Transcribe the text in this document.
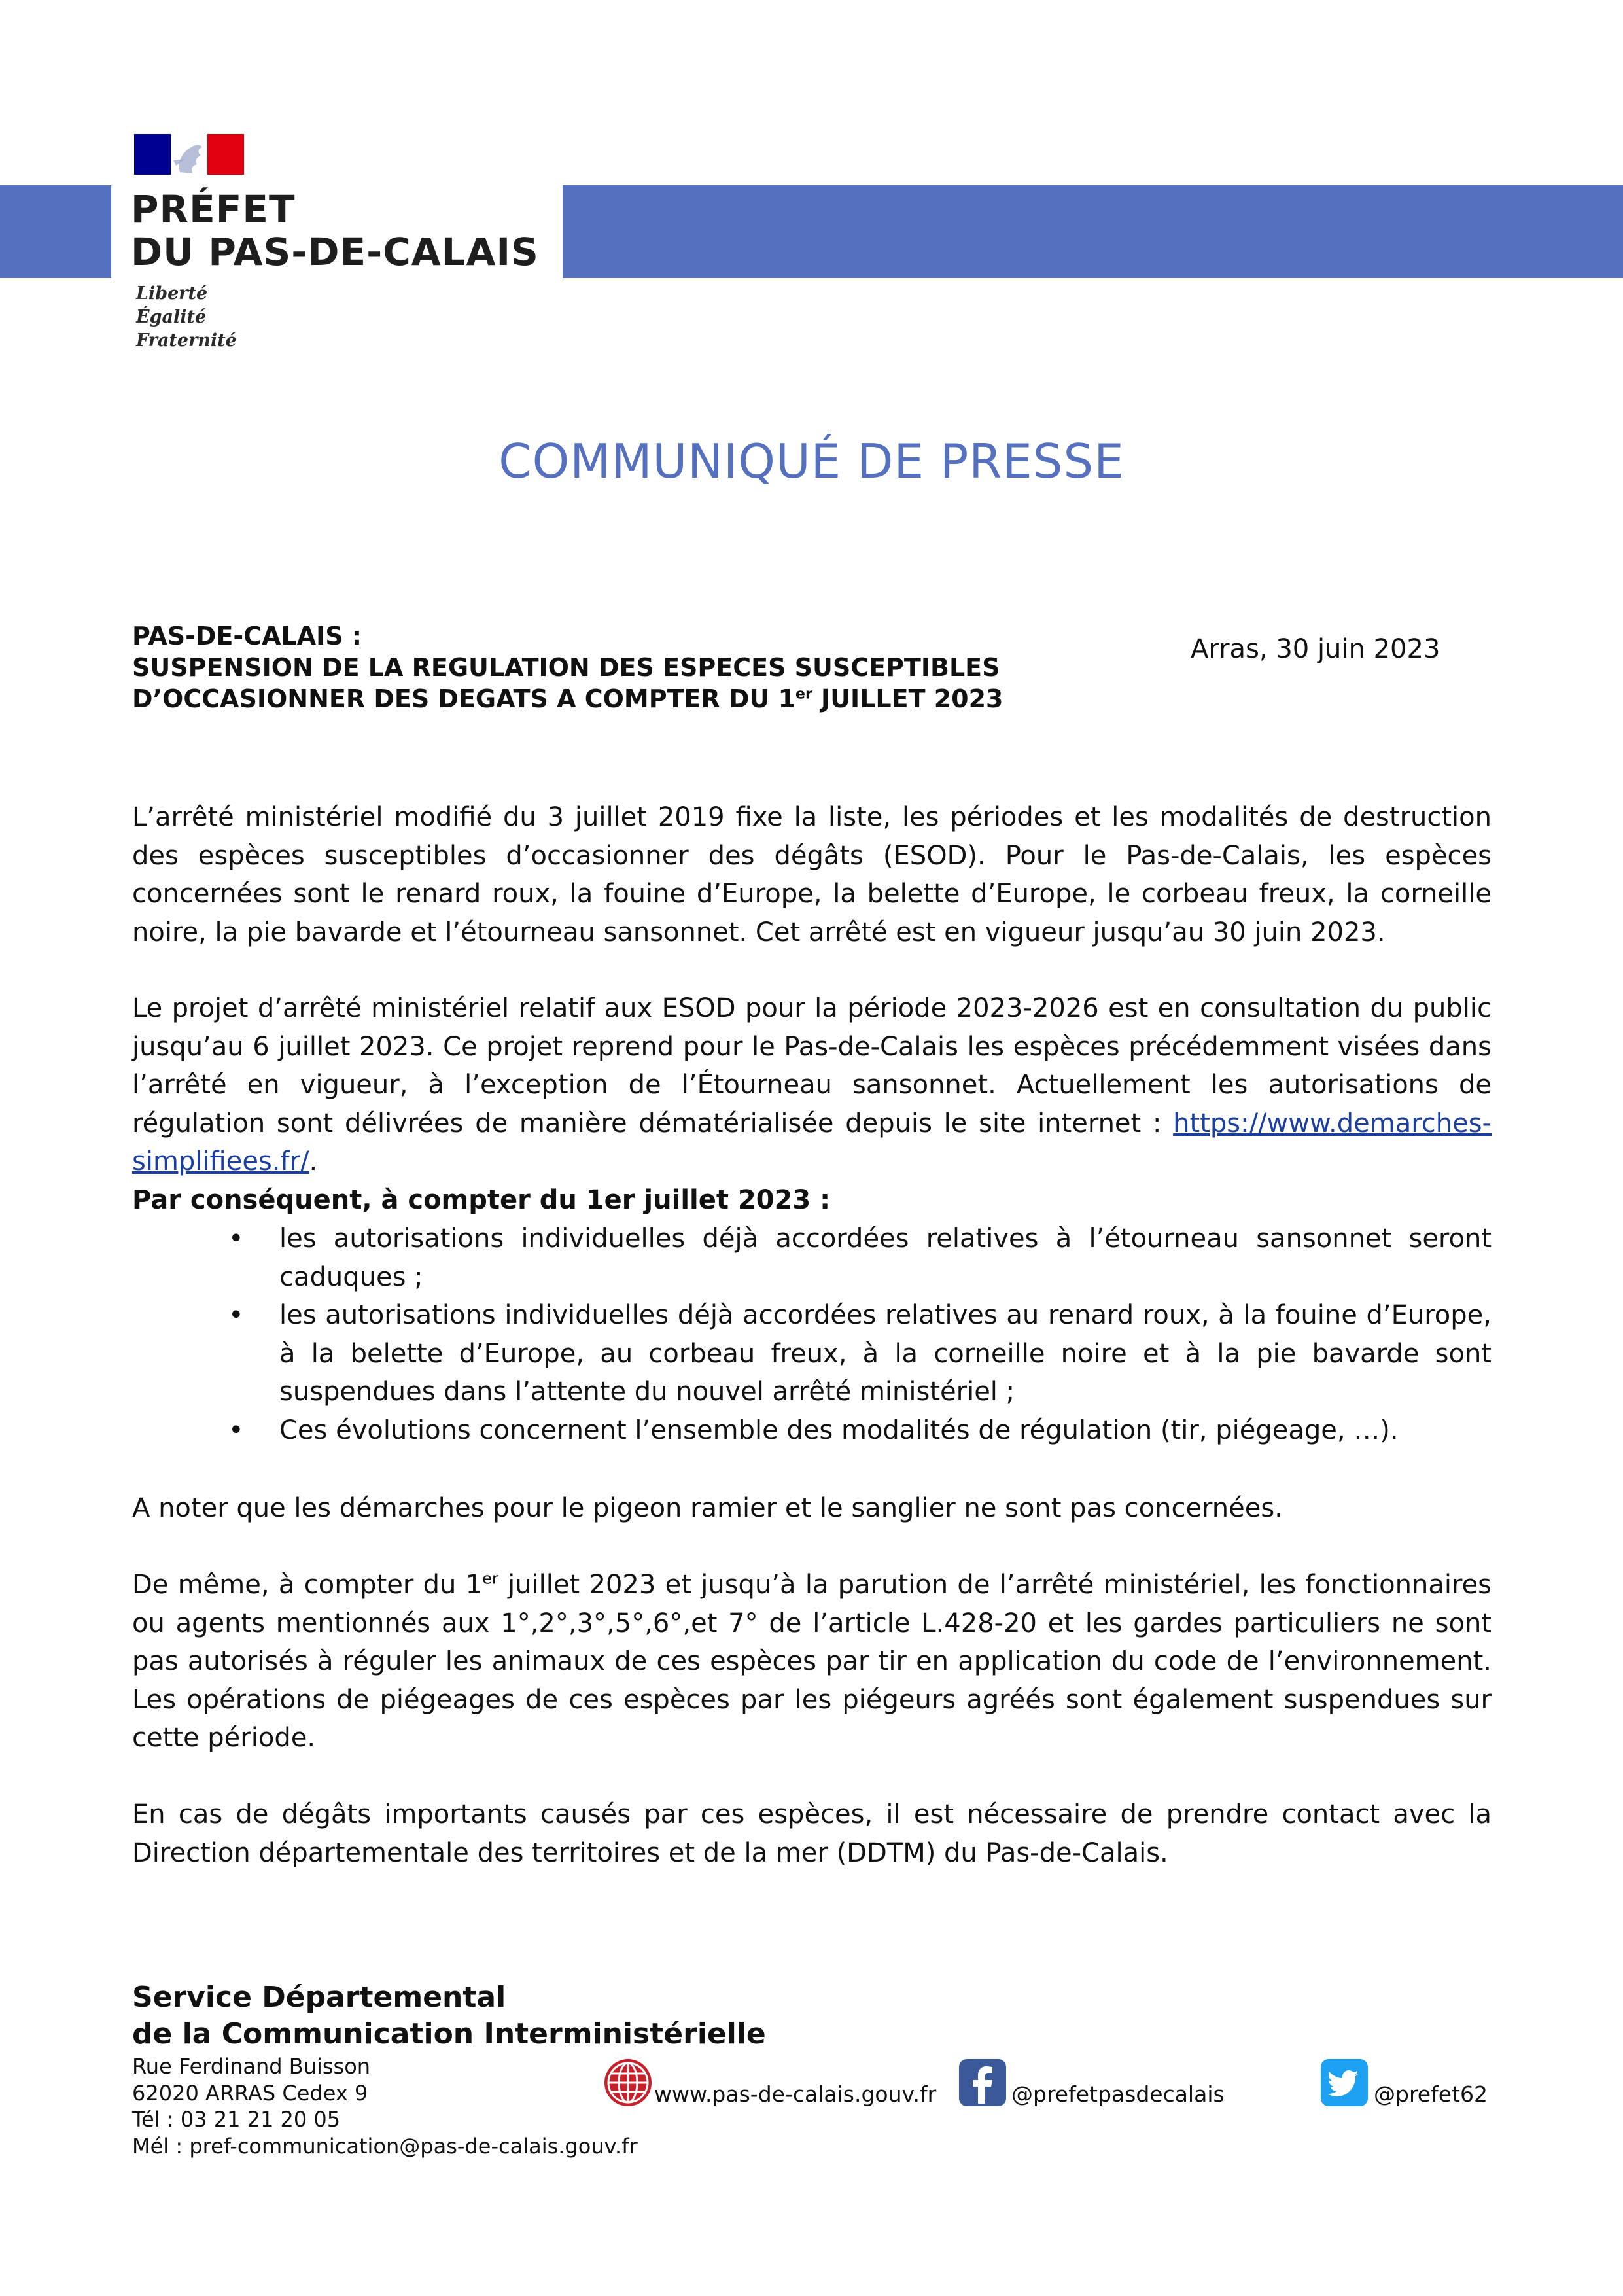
PRÉFET
DU PAS-DE-CALAIS
Liberté
Égalité
Fraternité
COMMUNIQUÉ DE PRESSE
PAS-DE-CALAIS :
SUSPENSION DE LA REGULATION DES ESPECES SUSCEPTIBLES
D’OCCASIONNER DES DEGATS A COMPTER DU 1er JUILLET 2023
Arras, 30 juin 2023
L’arrêté ministériel modifié du 3 juillet 2019 fixe la liste, les périodes et les modalités de destruction des espèces susceptibles d’occasionner des dégâts (ESOD). Pour le Pas-de-Calais, les espèces concernées sont le renard roux, la fouine d’Europe, la belette d’Europe, le corbeau freux, la corneille noire, la pie bavarde et l’étourneau sansonnet. Cet arrêté est en vigueur jusqu’au 30 juin 2023.
Le projet d’arrêté ministériel relatif aux ESOD pour la période 2023-2026 est en consultation du public jusqu’au 6 juillet 2023. Ce projet reprend pour le Pas-de-Calais les espèces précédemment visées dans l’arrêté en vigueur, à l’exception de l’Étourneau sansonnet. Actuellement les autorisations de régulation sont délivrées de manière dématérialisée depuis le site internet : https://www.demarches-simplifiees.fr/.
Par conséquent, à compter du 1er juillet 2023 :
• les autorisations individuelles déjà accordées relatives à l’étourneau sansonnet seront caduques ;
• les autorisations individuelles déjà accordées relatives au renard roux, à la fouine d’Europe, à la belette d’Europe, au corbeau freux, à la corneille noire et à la pie bavarde sont suspendues dans l’attente du nouvel arrêté ministériel ;
• Ces évolutions concernent l’ensemble des modalités de régulation (tir, piégeage, …).
A noter que les démarches pour le pigeon ramier et le sanglier ne sont pas concernées.
De même, à compter du 1er juillet 2023 et jusqu’à la parution de l’arrêté ministériel, les fonctionnaires ou agents mentionnés aux 1°,2°,3°,5°,6°,et 7° de l’article L.428-20 et les gardes particuliers ne sont pas autorisés à réguler les animaux de ces espèces par tir en application du code de l’environnement. Les opérations de piégeages de ces espèces par les piégeurs agréés sont également suspendues sur cette période.
En cas de dégâts importants causés par ces espèces, il est nécessaire de prendre contact avec la Direction départementale des territoires et de la mer (DDTM) du Pas-de-Calais.
Service Départemental
de la Communication Interministérielle
Rue Ferdinand Buisson
62020 ARRAS Cedex 9
Tél : 03 21 21 20 05
Mél : pref-communication@pas-de-calais.gouv.fr
www.pas-de-calais.gouv.fr	@prefetpasdecalais	@prefet62
